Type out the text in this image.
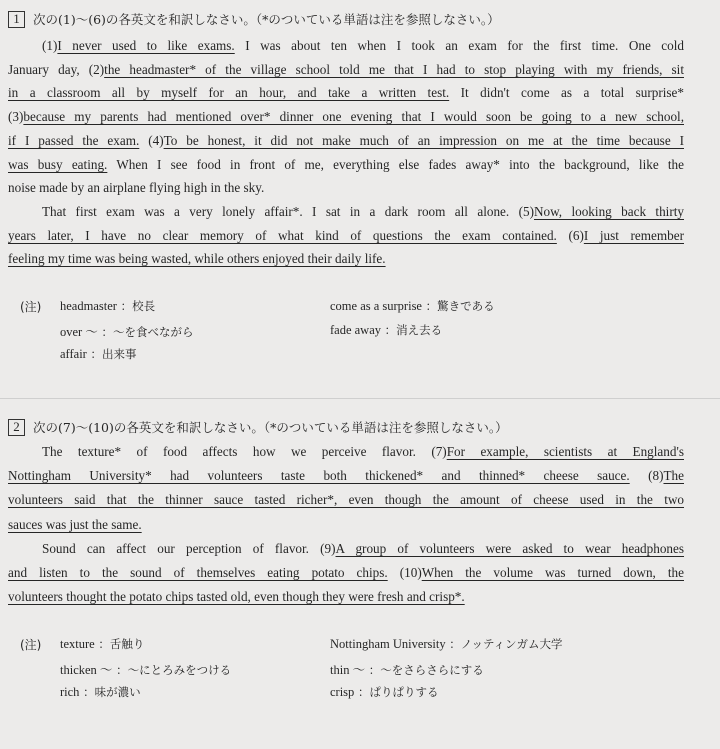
1	次の(1)〜(6)の各英文を和訳しなさい。（*のついている単語は注を参照しなさい。）
(1)I never used to like exams. I was about ten when I took an exam for the first time. One cold
January day, (2)the headmaster* of the village school told me that I had to stop playing with my friends, sit
in a classroom all by myself for an hour, and take a written test. It didn't come as a total surprise*
(3)because my parents had mentioned over* dinner one evening that I would soon be going to a new school,
if I passed the exam. (4)To be honest, it did not make much of an impression on me at the time because I
was busy eating. When I see food in front of me, everything else fades away* into the background, like the
noise made by an airplane flying high in the sky.
That first exam was a very lonely affair*. I sat in a dark room all alone. (5)Now, looking back thirty
years later, I have no clear memory of what kind of questions the exam contained. (6)I just remember
feeling my time was being wasted, while others enjoyed their daily life.
(注) headmaster ：校長	come as a surprise ：驚きである
over ～ ：～を食べながら	fade away ：消え去る
affair ：出来事
2	次の(7)〜(10)の各英文を和訳しなさい。（*のついている単語は注を参照しなさい。）
The texture* of food affects how we perceive flavor. (7)For example, scientists at England's
Nottingham University* had volunteers taste both thickened* and thinned* cheese sauce. (8)The
volunteers said that the thinner sauce tasted richer*, even though the amount of cheese used in the two
sauces was just the same.
Sound can affect our perception of flavor. (9)A group of volunteers were asked to wear headphones
and listen to the sound of themselves eating potato chips. (10)When the volume was turned down, the
volunteers thought the potato chips tasted old, even though they were fresh and crisp*.
(注) texture ：舌触り	Nottingham University ：ノッティンガム大学
thicken ～ ：～にとろみをつける	thin ～ ：～をさらさらにする
rich ：味が濃い	crisp ：ぱりぱりする
